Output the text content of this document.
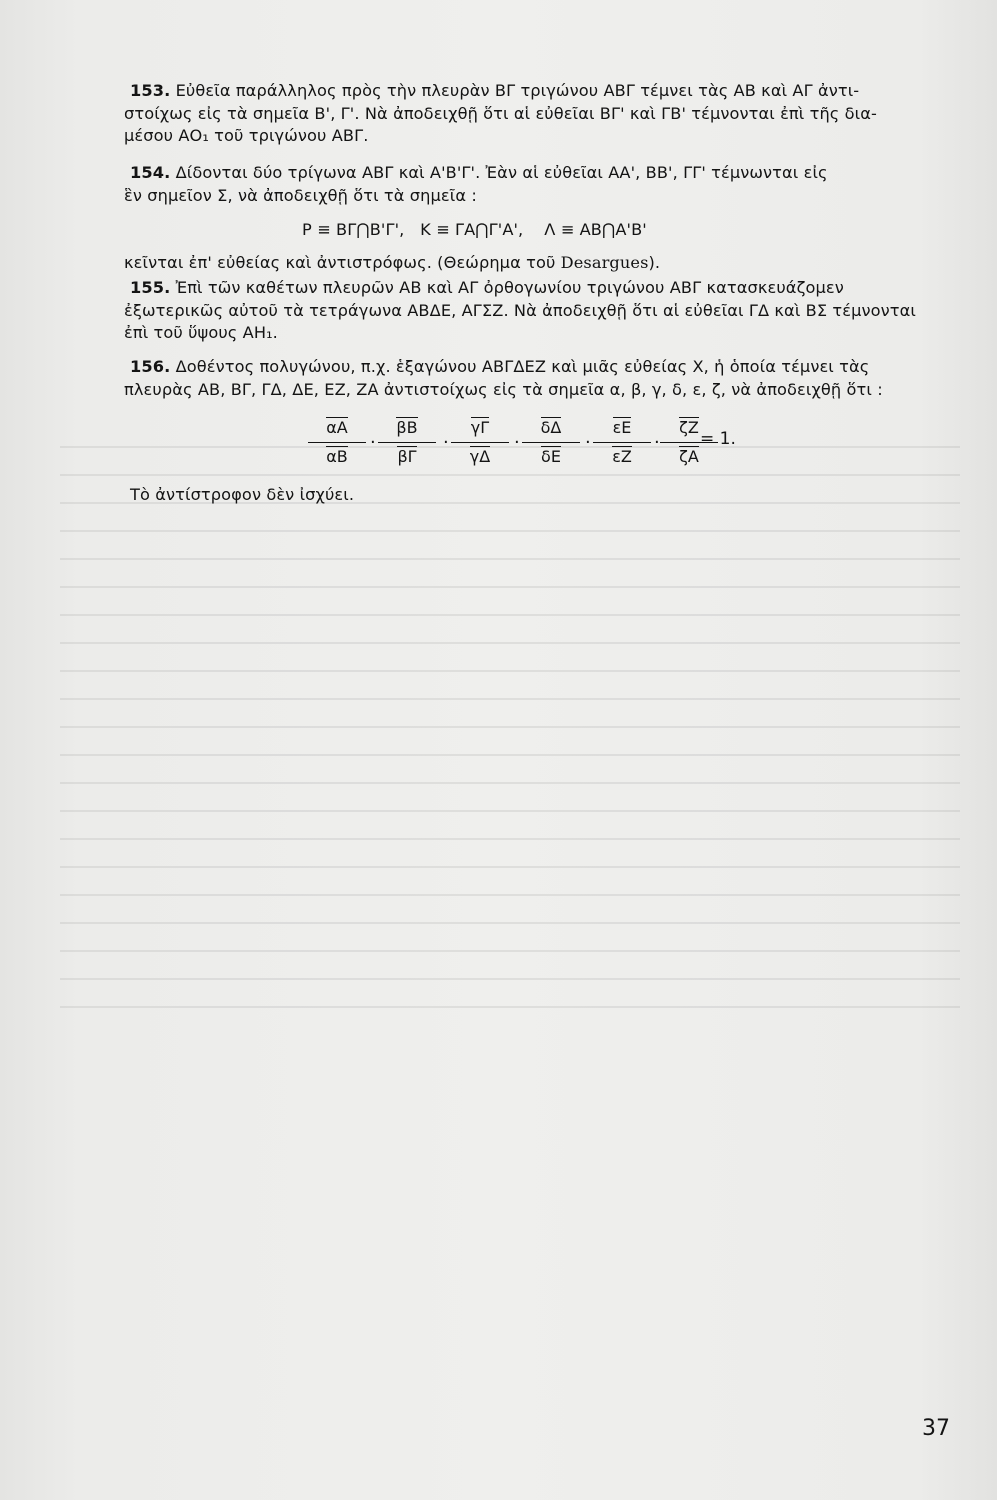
153. Εὐθεῖα παράλληλος πρὸς τὴν πλευρὰν ΒΓ τριγώνου ΑΒΓ τέμνει τὰς ΑΒ καὶ ΑΓ ἀντι-

στοίχως εἰς τὰ σημεῖα Β', Γ'. Νὰ ἀποδειχθῇ ὅτι αἱ εὐθεῖαι ΒΓ' καὶ ΓΒ' τέμνονται ἐπὶ τῆς δια-

μέσου ΑΟ₁ τοῦ τριγώνου ΑΒΓ.

154. Δίδονται δύο τρίγωνα ΑΒΓ καὶ Α'Β'Γ'. Ἐὰν αἱ εὐθεῖαι ΑΑ', ΒΒ', ΓΓ' τέμνωνται εἰς

ἓν σημεῖον Σ, νὰ ἀποδειχθῇ ὅτι τὰ σημεῖα :

Ρ ≡ ΒΓ⋂Β'Γ',   Κ ≡ ΓΑ⋂Γ'Α',    Λ ≡ ΑΒ⋂Α'Β'

κεῖνται ἐπ' εὐθείας καὶ ἀντιστρόφως. (Θεώρημα τοῦ Desargues).

155. Ἐπὶ τῶν καθέτων πλευρῶν ΑΒ καὶ ΑΓ ὀρθογωνίου τριγώνου ΑΒΓ κατασκευάζομεν

ἐξωτερικῶς αὐτοῦ τὰ τετράγωνα ΑΒΔΕ, ΑΓΣΖ. Νὰ ἀποδειχθῇ ὅτι αἱ εὐθεῖαι ΓΔ καὶ ΒΣ τέμνονται

ἐπὶ τοῦ ὕψους ΑΗ₁.

156. Δοθέντος πολυγώνου, π.χ. ἑξαγώνου ΑΒΓΔΕΖ καὶ μιᾶς εὐθείας Χ, ἡ ὁποία τέμνει τὰς

πλευρὰς ΑΒ, ΒΓ, ΓΔ, ΔΕ, ΕΖ, ΖΑ ἀντιστοίχως εἰς τὰ σημεῖα α, β, γ, δ, ε, ζ, νὰ ἀποδειχθῇ ὅτι :

αΑ
αΒ
·
βΒ
βΓ
·
γΓ
γΔ
·
δΔ
δΕ
·
εΕ
εΖ
·
ζΖ
ζΑ
= 1.

Τὸ ἀντίστροφον δὲν ἰσχύει.

37
